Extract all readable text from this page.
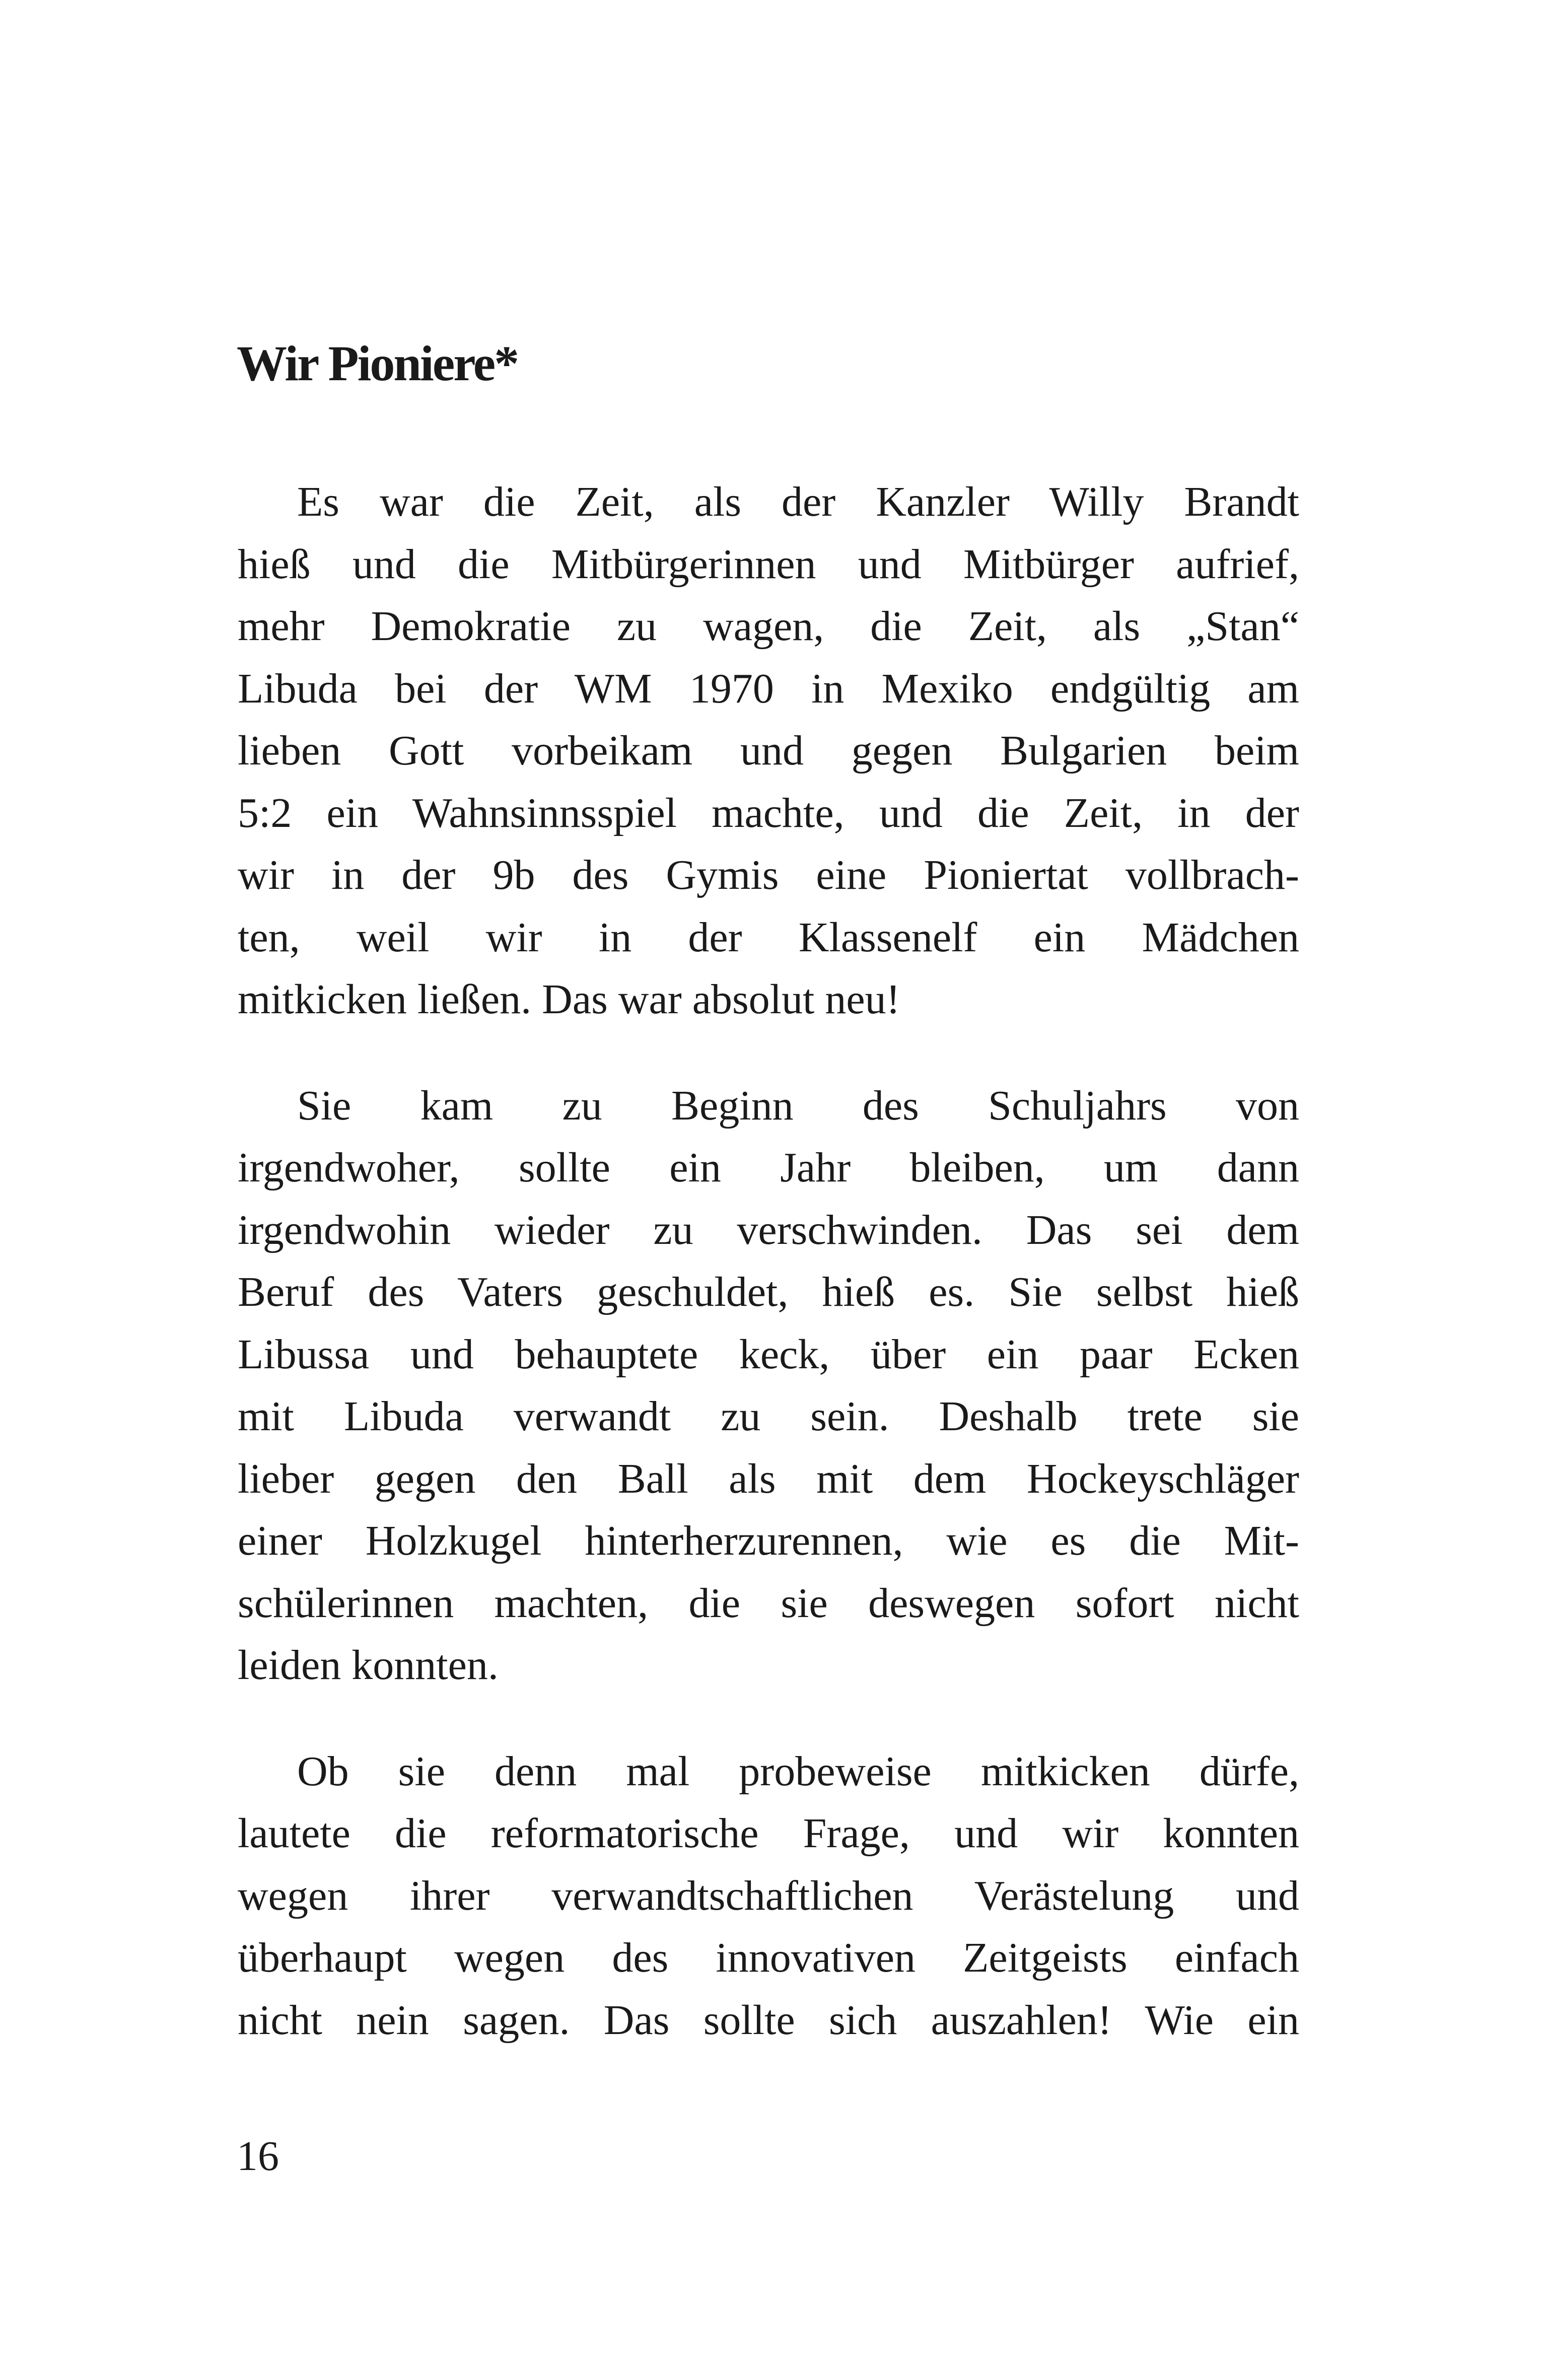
Wir Pioniere*

Es war die Zeit, als der Kanzler Willy Brandt
hieß und die Mitbürgerinnen und Mitbürger aufrief,
mehr Demokratie zu wagen, die Zeit, als „Stan“
Libuda bei der WM 1970 in Mexiko endgültig am
lieben Gott vorbeikam und gegen Bulgarien beim
5:2 ein Wahnsinnsspiel machte, und die Zeit, in der
wir in der 9b des Gymis eine Pioniertat vollbrach-
ten, weil wir in der Klassenelf ein Mädchen
mitkicken ließen. Das war absolut neu!

Sie kam zu Beginn des Schuljahrs von
irgendwoher, sollte ein Jahr bleiben, um dann
irgendwohin wieder zu verschwinden. Das sei dem
Beruf des Vaters geschuldet, hieß es. Sie selbst hieß
Libussa und behauptete keck, über ein paar Ecken
mit Libuda verwandt zu sein. Deshalb trete sie
lieber gegen den Ball als mit dem Hockeyschläger
einer Holzkugel hinterherzurennen, wie es die Mit-
schülerinnen machten, die sie deswegen sofort nicht
leiden konnten.

Ob sie denn mal probeweise mitkicken dürfe,
lautete die reformatorische Frage, und wir konnten
wegen ihrer verwandtschaftlichen Verästelung und
überhaupt wegen des innovativen Zeitgeists einfach
nicht nein sagen. Das sollte sich auszahlen! Wie ein

16
